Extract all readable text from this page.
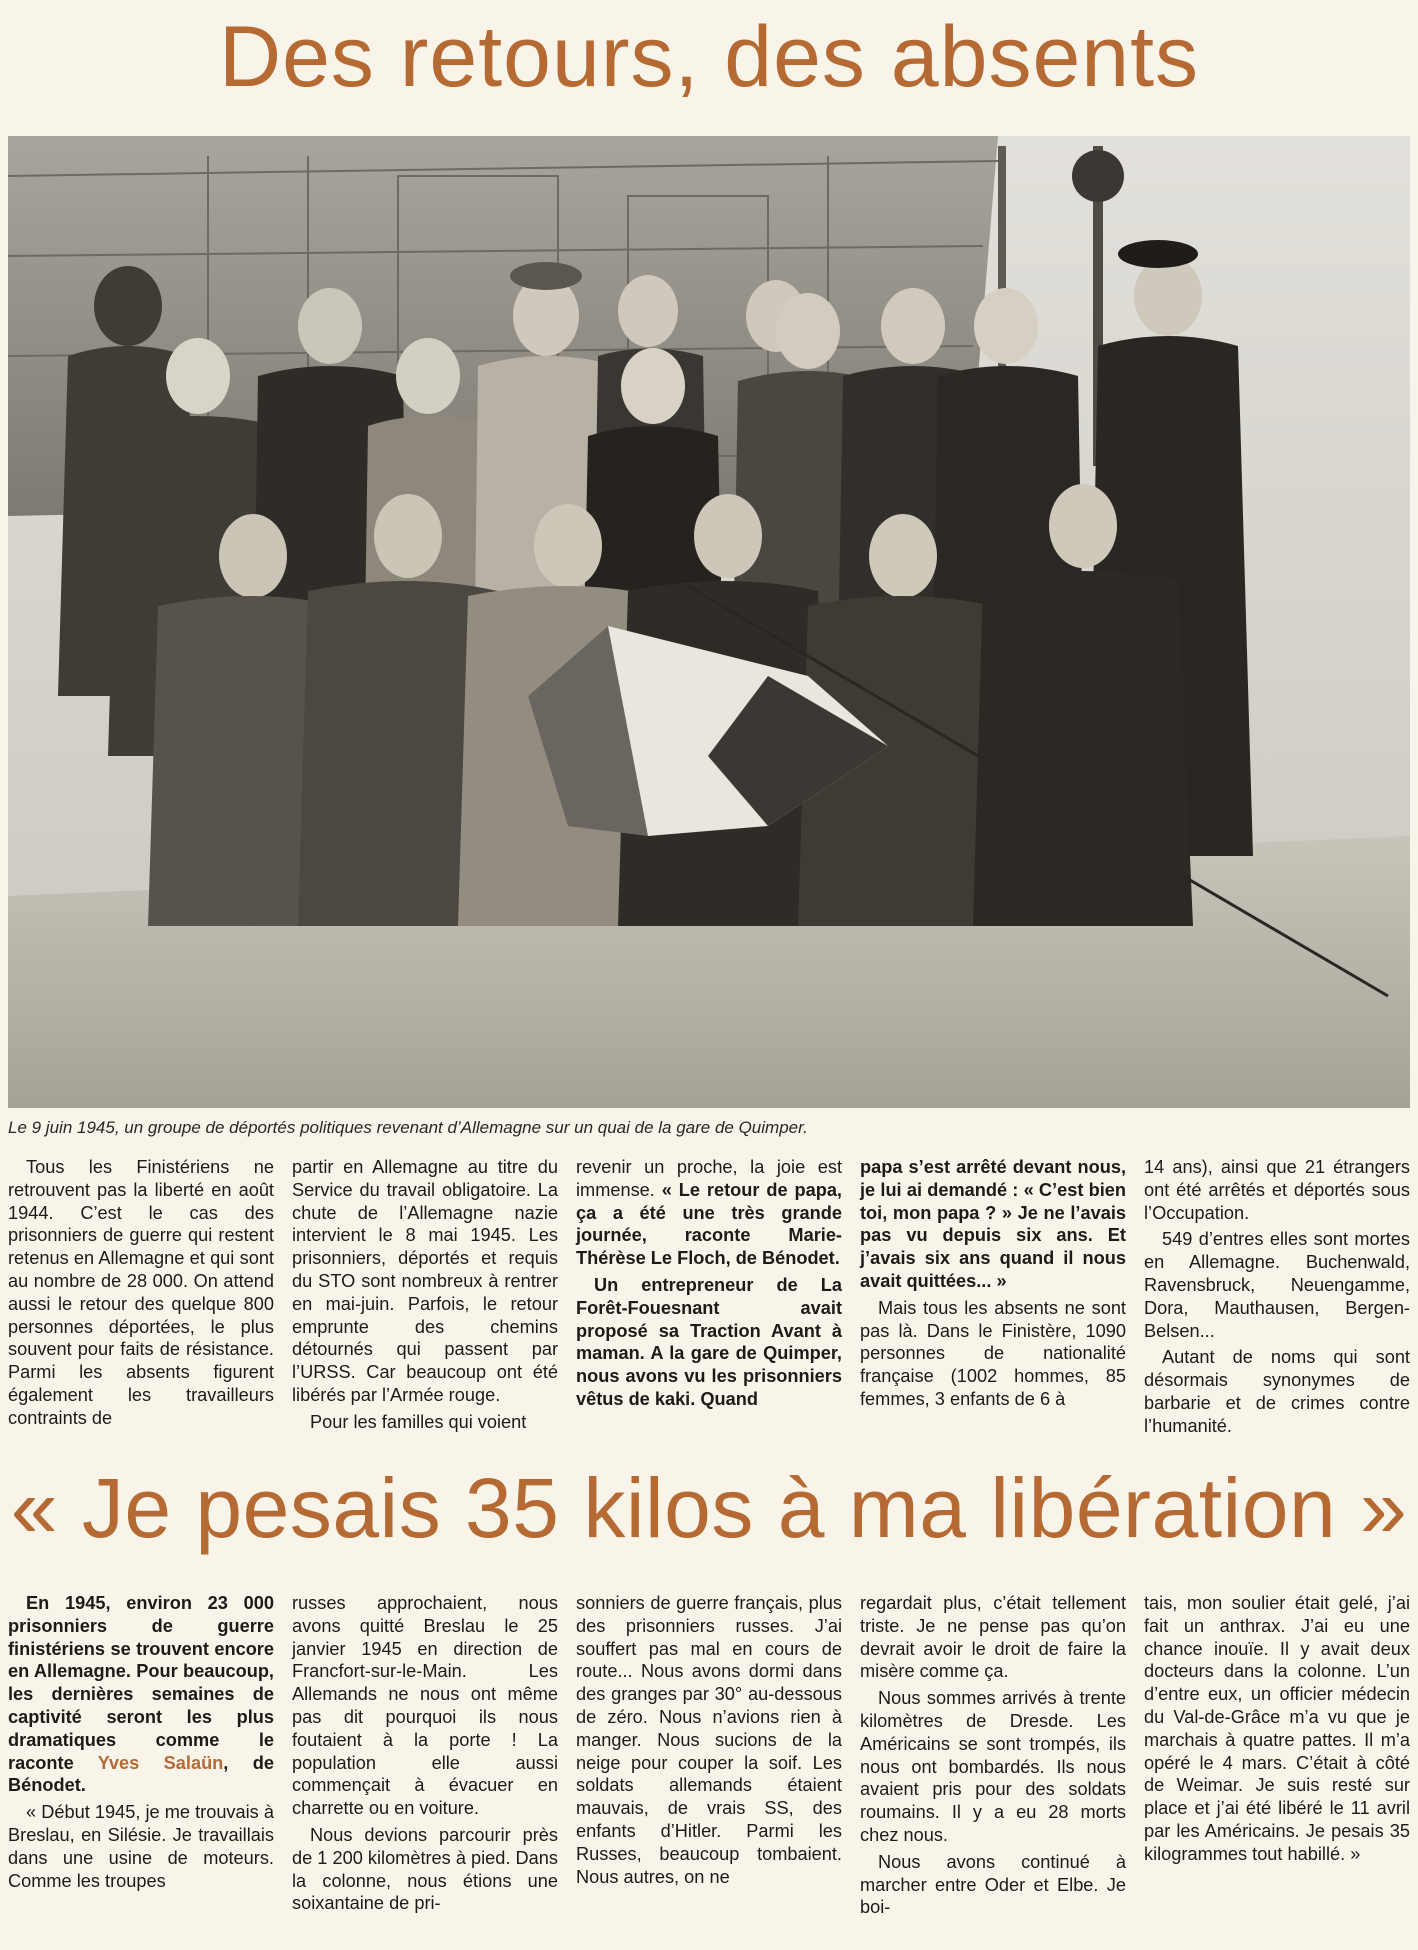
Des retours, des absents
Le 9 juin 1945, un groupe de déportés politiques revenant d’Allemagne sur un quai de la gare de Quimper.

Tous les Finistériens ne retrouvent pas la liberté en août 1944. C’est le cas des prisonniers de guerre qui restent retenus en Allemagne et qui sont au nombre de 28 000. On attend aussi le retour des quelque 800 personnes déportées, le plus souvent pour faits de résistance. Parmi les absents figurent également les travailleurs contraints de

partir en Allemagne au titre du Service du travail obligatoire. La chute de l’Allemagne nazie intervient le 8 mai 1945. Les prisonniers, déportés et requis du STO sont nombreux à rentrer en mai-juin. Parfois, le retour emprunte des chemins détournés qui passent par l’URSS. Car beaucoup ont été libérés par l’Armée rouge.

Pour les familles qui voient

revenir un proche, la joie est immense. « Le retour de papa, ça a été une très grande journée, raconte Marie-Thérèse Le Floch, de Bénodet.

Un entrepreneur de La Forêt-Fouesnant avait proposé sa Traction Avant à maman. A la gare de Quimper, nous avons vu les prisonniers vêtus de kaki. Quand

papa s’est arrêté devant nous, je lui ai demandé : « C’est bien toi, mon papa ? » Je ne l’avais pas vu depuis six ans. Et j’avais six ans quand il nous avait quittées... »

Mais tous les absents ne sont pas là. Dans le Finistère, 1090 personnes de nationalité française (1002 hommes, 85 femmes, 3 enfants de 6 à

14 ans), ainsi que 21 étrangers ont été arrêtés et déportés sous l’Occupation.

549 d’entres elles sont mortes en Allemagne. Buchenwald, Ravensbruck, Neuengamme, Dora, Mauthausen, Bergen-Belsen...

Autant de noms qui sont désormais synonymes de barbarie et de crimes contre l’humanité.

« Je pesais 35 kilos à ma libération »

En 1945, environ 23 000 prisonniers de guerre finistériens se trouvent encore en Allemagne. Pour beaucoup, les dernières semaines de captivité seront les plus dramatiques comme le raconte Yves Salaün, de Bénodet.

« Début 1945, je me trouvais à Breslau, en Silésie. Je travaillais dans une usine de moteurs. Comme les troupes

russes approchaient, nous avons quitté Breslau le 25 janvier 1945 en direction de Francfort-sur-le-Main. Les Allemands ne nous ont même pas dit pourquoi ils nous foutaient à la porte ! La population elle aussi commençait à évacuer en charrette ou en voiture.

Nous devions parcourir près de 1 200 kilomètres à pied. Dans la colonne, nous étions une soixantaine de pri-

sonniers de guerre français, plus des prisonniers russes. J’ai souffert pas mal en cours de route... Nous avons dormi dans des granges par 30° au-dessous de zéro. Nous n’avions rien à manger. Nous sucions de la neige pour couper la soif. Les soldats allemands étaient mauvais, de vrais SS, des enfants d’Hitler. Parmi les Russes, beaucoup tombaient. Nous autres, on ne

regardait plus, c’était tellement triste. Je ne pense pas qu’on devrait avoir le droit de faire la misère comme ça.

Nous sommes arrivés à trente kilomètres de Dresde. Les Américains se sont trompés, ils nous ont bombardés. Ils nous avaient pris pour des soldats roumains. Il y a eu 28 morts chez nous.

Nous avons continué à marcher entre Oder et Elbe. Je boi-

tais, mon soulier était gelé, j’ai fait un anthrax. J’ai eu une chance inouïe. Il y avait deux docteurs dans la colonne. L’un d’entre eux, un officier médecin du Val-de-Grâce m’a vu que je marchais à quatre pattes. Il m’a opéré le 4 mars. C’était à côté de Weimar. Je suis resté sur place et j’ai été libéré le 11 avril par les Américains. Je pesais 35 kilogrammes tout habillé. »
